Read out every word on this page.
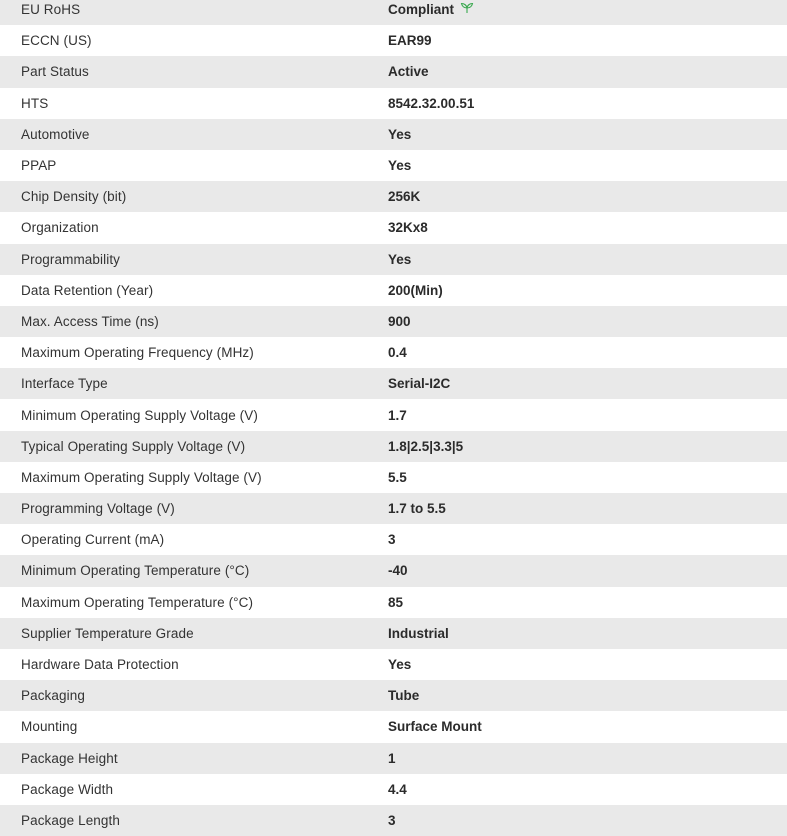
EU RoHS	Compliant
ECCN (US)	EAR99
Part Status	Active
HTS	8542.32.00.51
Automotive	Yes
PPAP	Yes
Chip Density (bit)	256K
Organization	32Kx8
Programmability	Yes
Data Retention (Year)	200(Min)
Max. Access Time (ns)	900
Maximum Operating Frequency (MHz)	0.4
Interface Type	Serial-I2C
Minimum Operating Supply Voltage (V)	1.7
Typical Operating Supply Voltage (V)	1.8|2.5|3.3|5
Maximum Operating Supply Voltage (V)	5.5
Programming Voltage (V)	1.7 to 5.5
Operating Current (mA)	3
Minimum Operating Temperature (°C)	-40
Maximum Operating Temperature (°C)	85
Supplier Temperature Grade	Industrial
Hardware Data Protection	Yes
Packaging	Tube
Mounting	Surface Mount
Package Height	1
Package Width	4.4
Package Length	3
